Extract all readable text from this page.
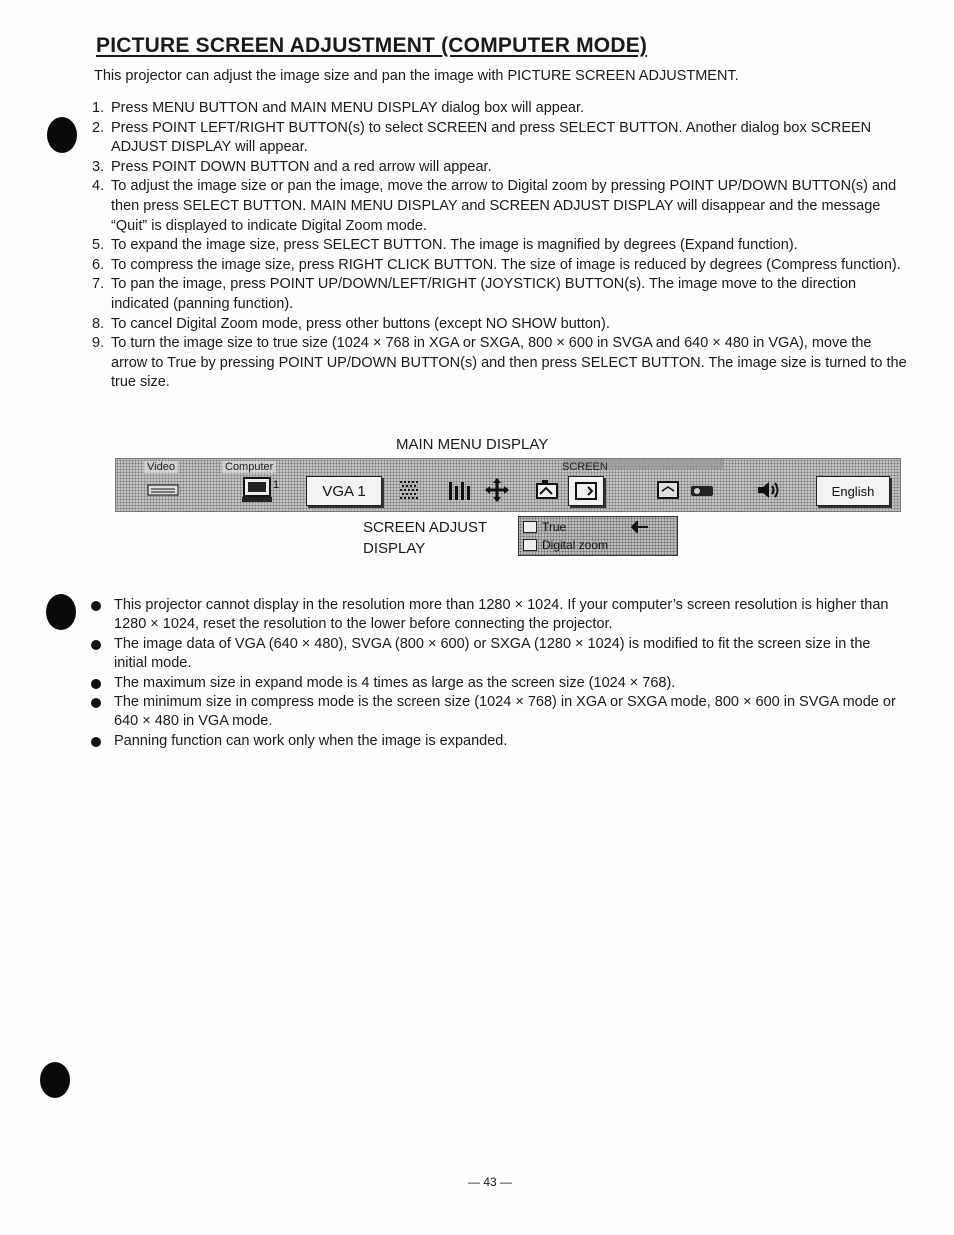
PICTURE SCREEN ADJUSTMENT (COMPUTER MODE)

This projector can adjust the image size and pan the image with PICTURE SCREEN ADJUSTMENT.

1. Press MENU BUTTON and MAIN MENU DISPLAY dialog box will appear.
2. Press POINT LEFT/RIGHT BUTTON(s) to select SCREEN and press SELECT BUTTON. Another dialog box SCREEN ADJUST DISPLAY will appear.
3. Press POINT DOWN BUTTON and a red arrow will appear.
4. To adjust the image size or pan the image, move the arrow to Digital zoom by pressing POINT UP/DOWN BUTTON(s) and then press SELECT BUTTON. MAIN MENU DISPLAY and SCREEN ADJUST DISPLAY will disappear and the message “Quit” is displayed to indicate Digital Zoom mode.
5. To expand the image size, press SELECT BUTTON. The image is magnified by degrees (Expand function).
6. To compress the image size, press RIGHT CLICK BUTTON. The size of image is reduced by degrees (Compress function).
7. To pan the image, press POINT UP/DOWN/LEFT/RIGHT (JOYSTICK) BUTTON(s). The image move to the direction indicated (panning function).
8. To cancel Digital Zoom mode, press other buttons (except NO SHOW button).
9. To turn the image size to true size (1024 × 768 in XGA or SXGA, 800 × 600 in SVGA and 640 × 480 in VGA), move the arrow to True by pressing POINT UP/DOWN BUTTON(s) and then press SELECT BUTTON. The image size is turned to the true size.

MAIN MENU DISPLAY

Video	Computer	SCREEN
1	VGA 1	English

SCREEN ADJUST
DISPLAY

True
Digital zoom
This projector cannot display in the resolution more than 1280 × 1024. If your computer’s screen resolution is higher than 1280 × 1024, reset the resolution to the lower before connecting the projector.
The image data of VGA (640 × 480), SVGA (800 × 600) or SXGA (1280 × 1024) is modified to fit the screen size in the initial mode.
The maximum size in expand mode is 4 times as large as the screen size (1024 × 768).
The minimum size in compress mode is the screen size (1024 × 768) in XGA or SXGA mode, 800 × 600 in SVGA mode or 640 × 480 in VGA mode.
Panning function can work only when the image is expanded.

— 43 —
